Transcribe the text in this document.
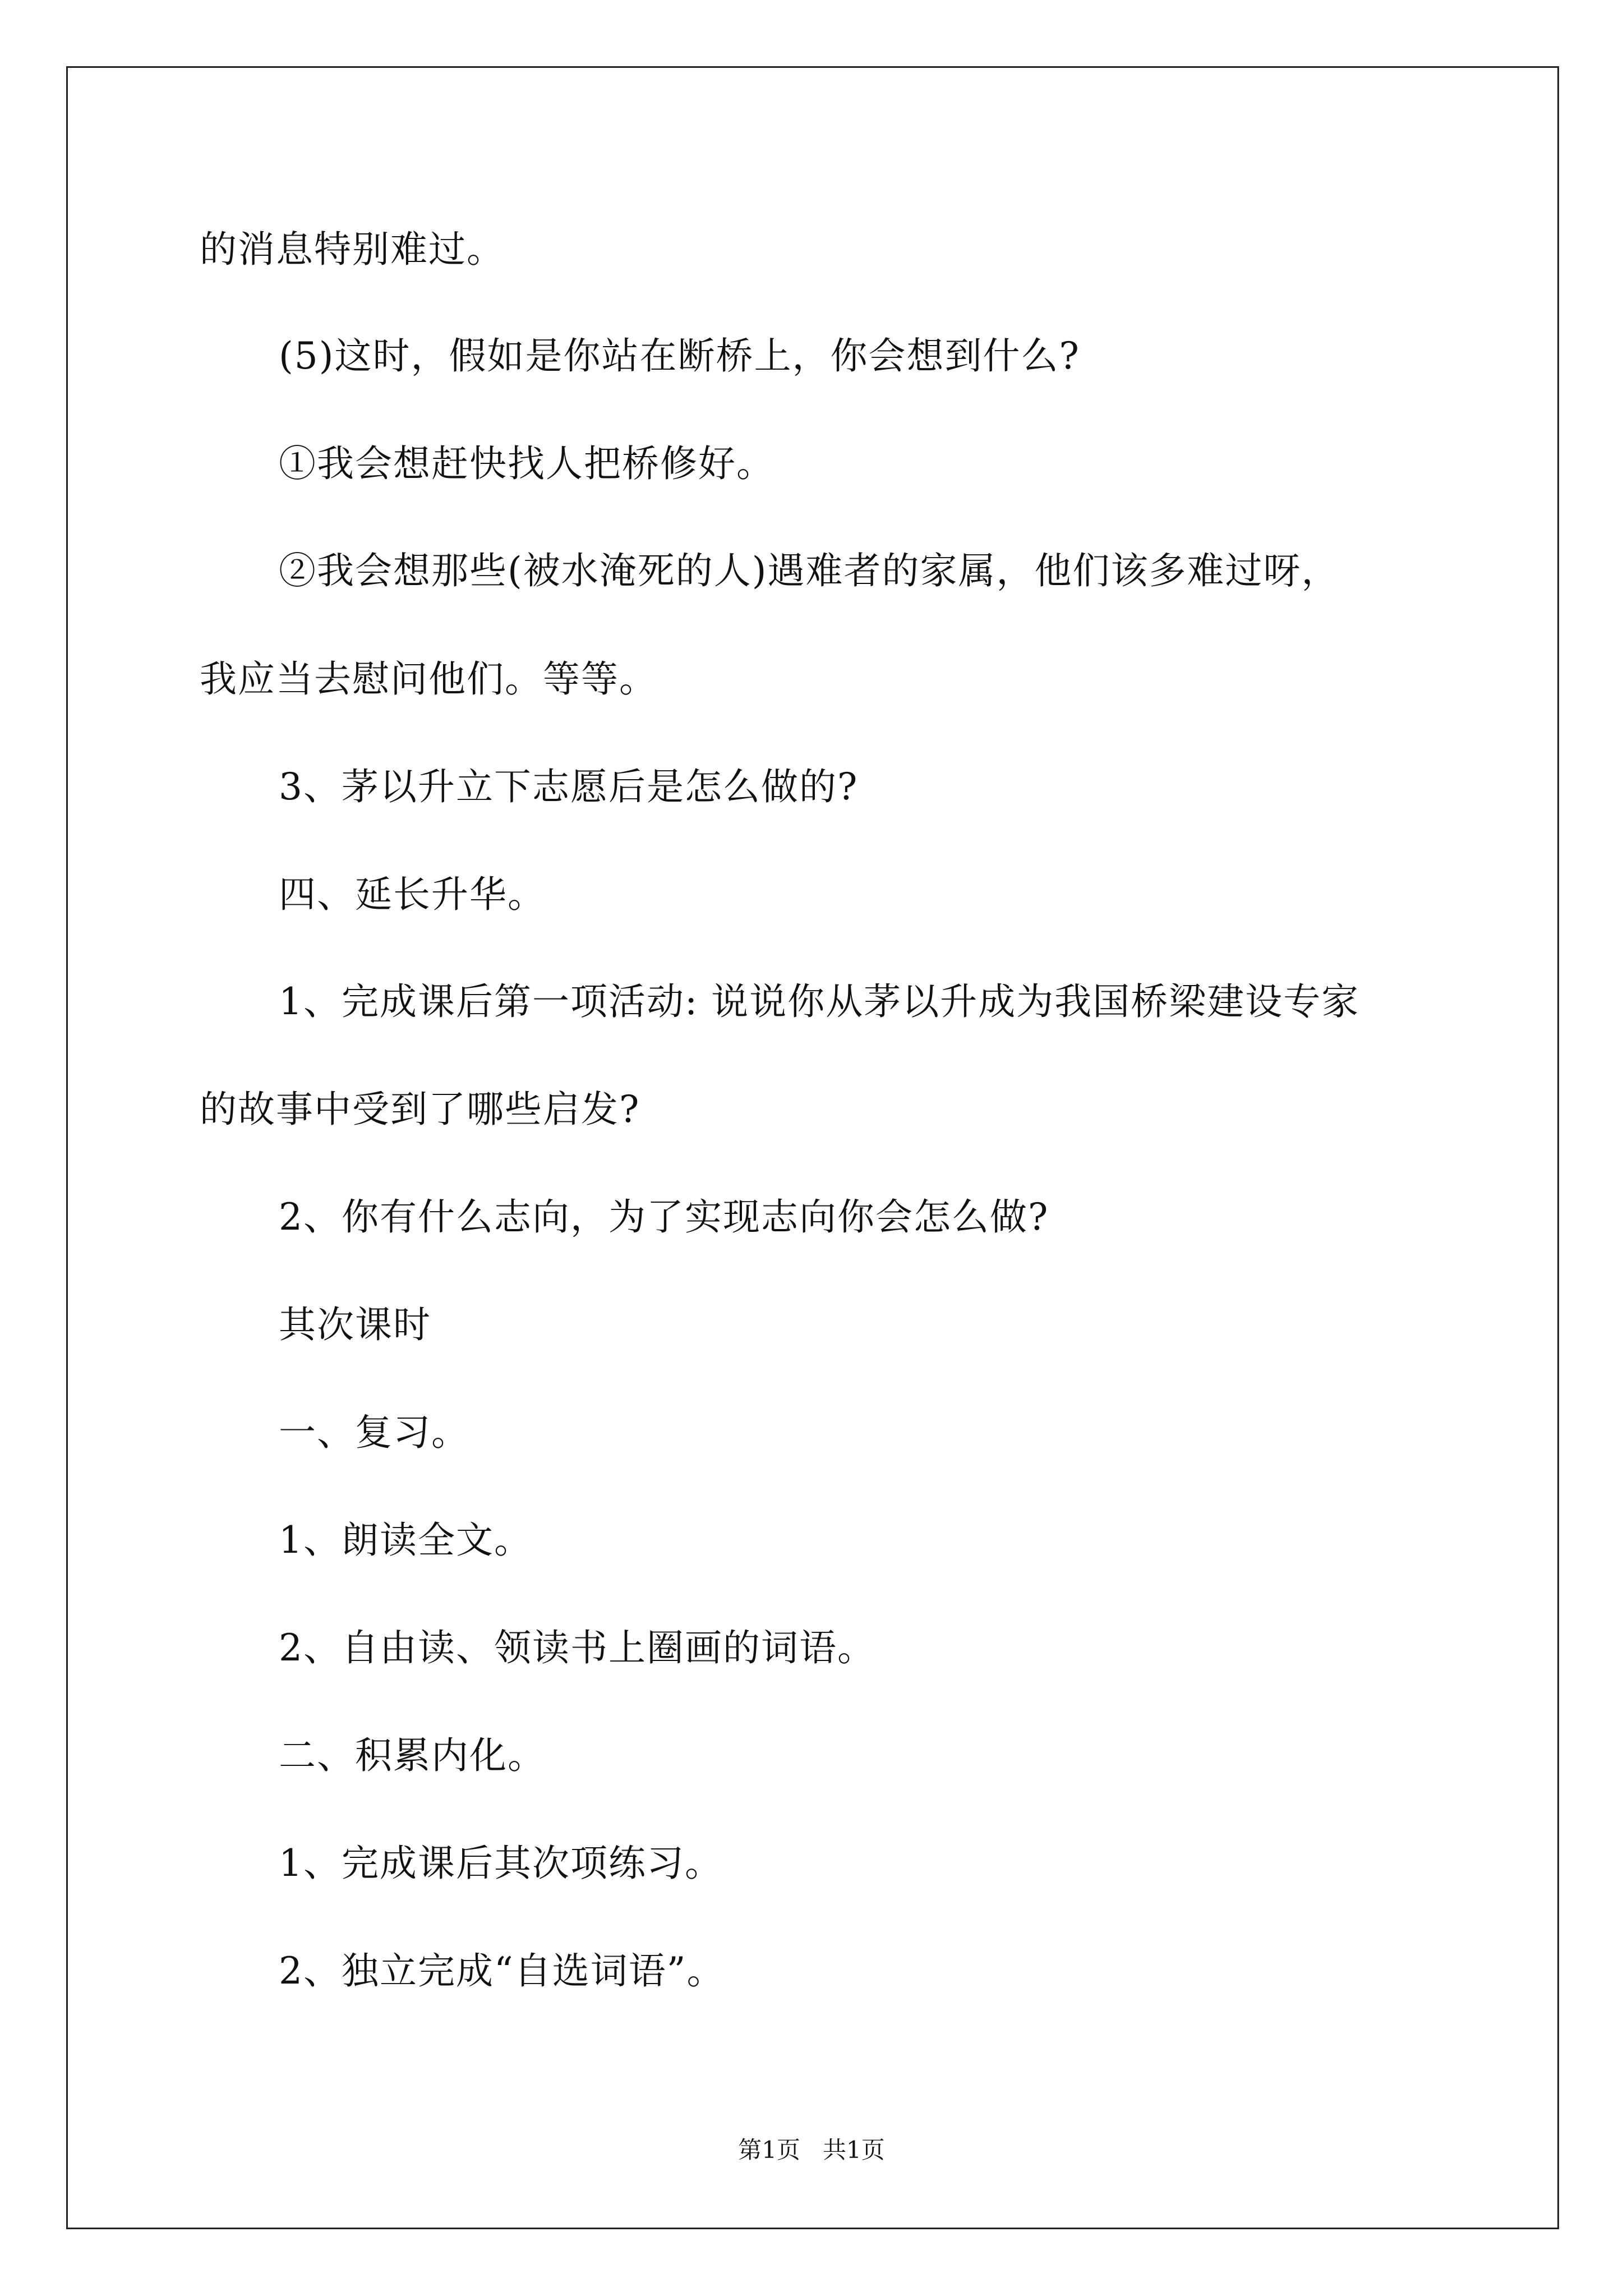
的消息特别难过。
(5)这时，假如是你站在断桥上，你会想到什么?
①我会想赶快找人把桥修好。
②我会想那些(被水淹死的人)遇难者的家属，他们该多难过呀，
我应当去慰问他们。等等。
3、茅以升立下志愿后是怎么做的?
四、延长升华。
1、完成课后第一项活动: 说说你从茅以升成为我国桥梁建设专家
的故事中受到了哪些启发?
2、你有什么志向，为了实现志向你会怎么做?
其次课时
一、复习。
1、朗读全文。
2、自由读、领读书上圈画的词语。
二、积累内化。
1、完成课后其次项练习。
2、独立完成“自选词语”。
第1页   共1页
